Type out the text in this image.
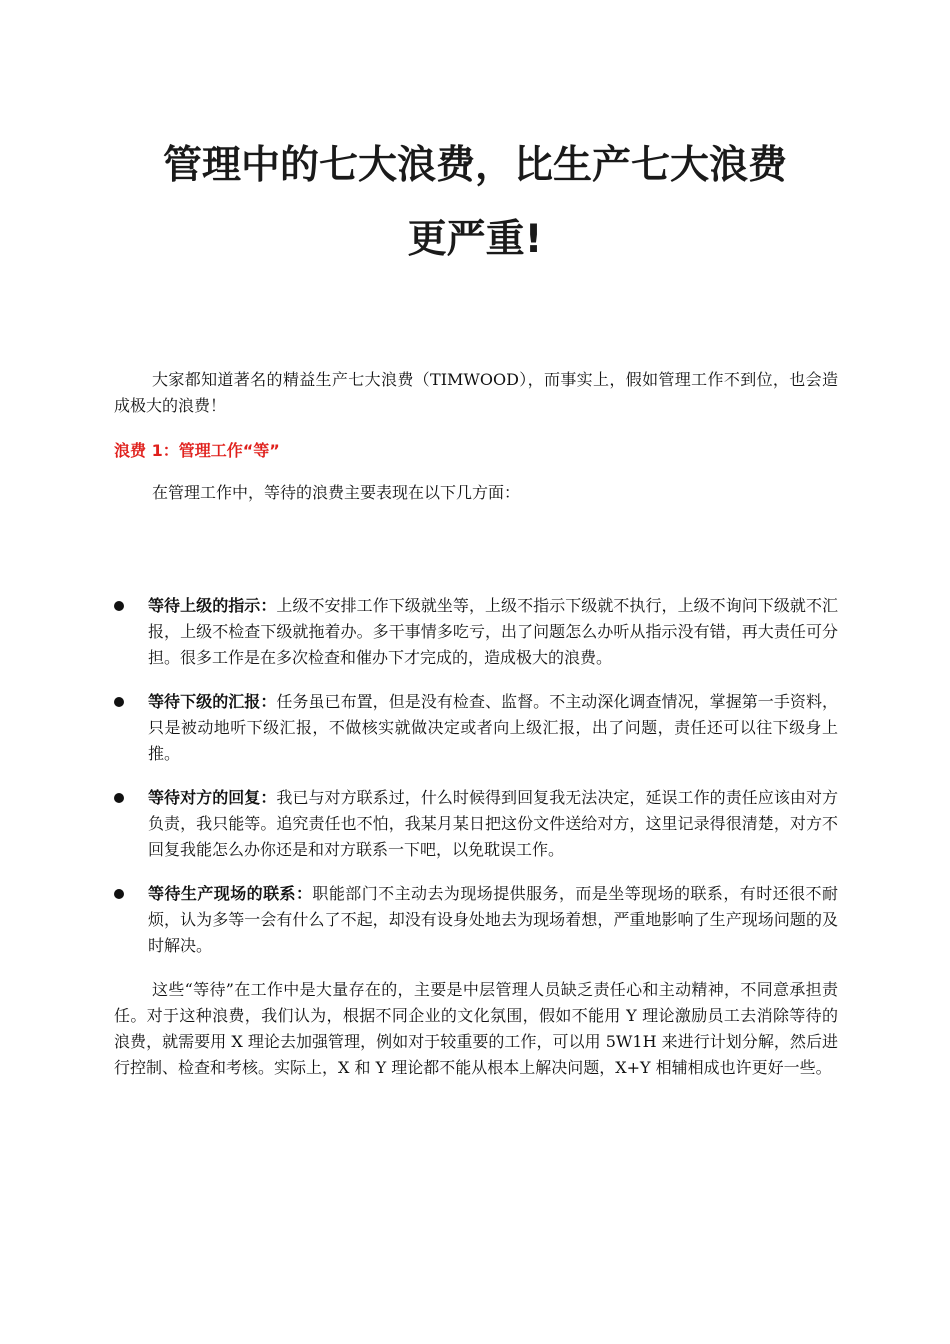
管理中的七大浪费，比生产七大浪费
更严重!

大家都知道著名的精益生产七大浪费（TIMWOOD），而事实上，假如管理工作不到位，也会造成极大的浪费！

浪费 1：管理工作“等”

在管理工作中，等待的浪费主要表现在以下几方面：

等待上级的指示：上级不安排工作下级就坐等，上级不指示下级就不执行，上级不询问下级就不汇报，上级不检查下级就拖着办。多干事情多吃亏，出了问题怎么办听从指示没有错，再大责任可分担。很多工作是在多次检查和催办下才完成的，造成极大的浪费。
等待下级的汇报：任务虽已布置，但是没有检查、监督。不主动深化调查情况，掌握第一手资料，只是被动地听下级汇报，不做核实就做决定或者向上级汇报，出了问题，责任还可以往下级身上推。
等待对方的回复：我已与对方联系过，什么时候得到回复我无法决定，延误工作的责任应该由对方负责，我只能等。追究责任也不怕，我某月某日把这份文件送给对方，这里记录得很清楚，对方不回复我能怎么办你还是和对方联系一下吧，以免耽误工作。
等待生产现场的联系：职能部门不主动去为现场提供服务，而是坐等现场的联系，有时还很不耐烦，认为多等一会有什么了不起，却没有设身处地去为现场着想，严重地影响了生产现场问题的及时解决。

这些“等待”在工作中是大量存在的，主要是中层管理人员缺乏责任心和主动精神，不同意承担责任。对于这种浪费，我们认为，根据不同企业的文化氛围，假如不能用 Y 理论激励员工去消除等待的浪费，就需要用 X 理论去加强管理，例如对于较重要的工作，可以用 5W1H 来进行计划分解，然后进行控制、检查和考核。实际上，X 和 Y 理论都不能从根本上解决问题，X+Y 相辅相成也许更好一些。
